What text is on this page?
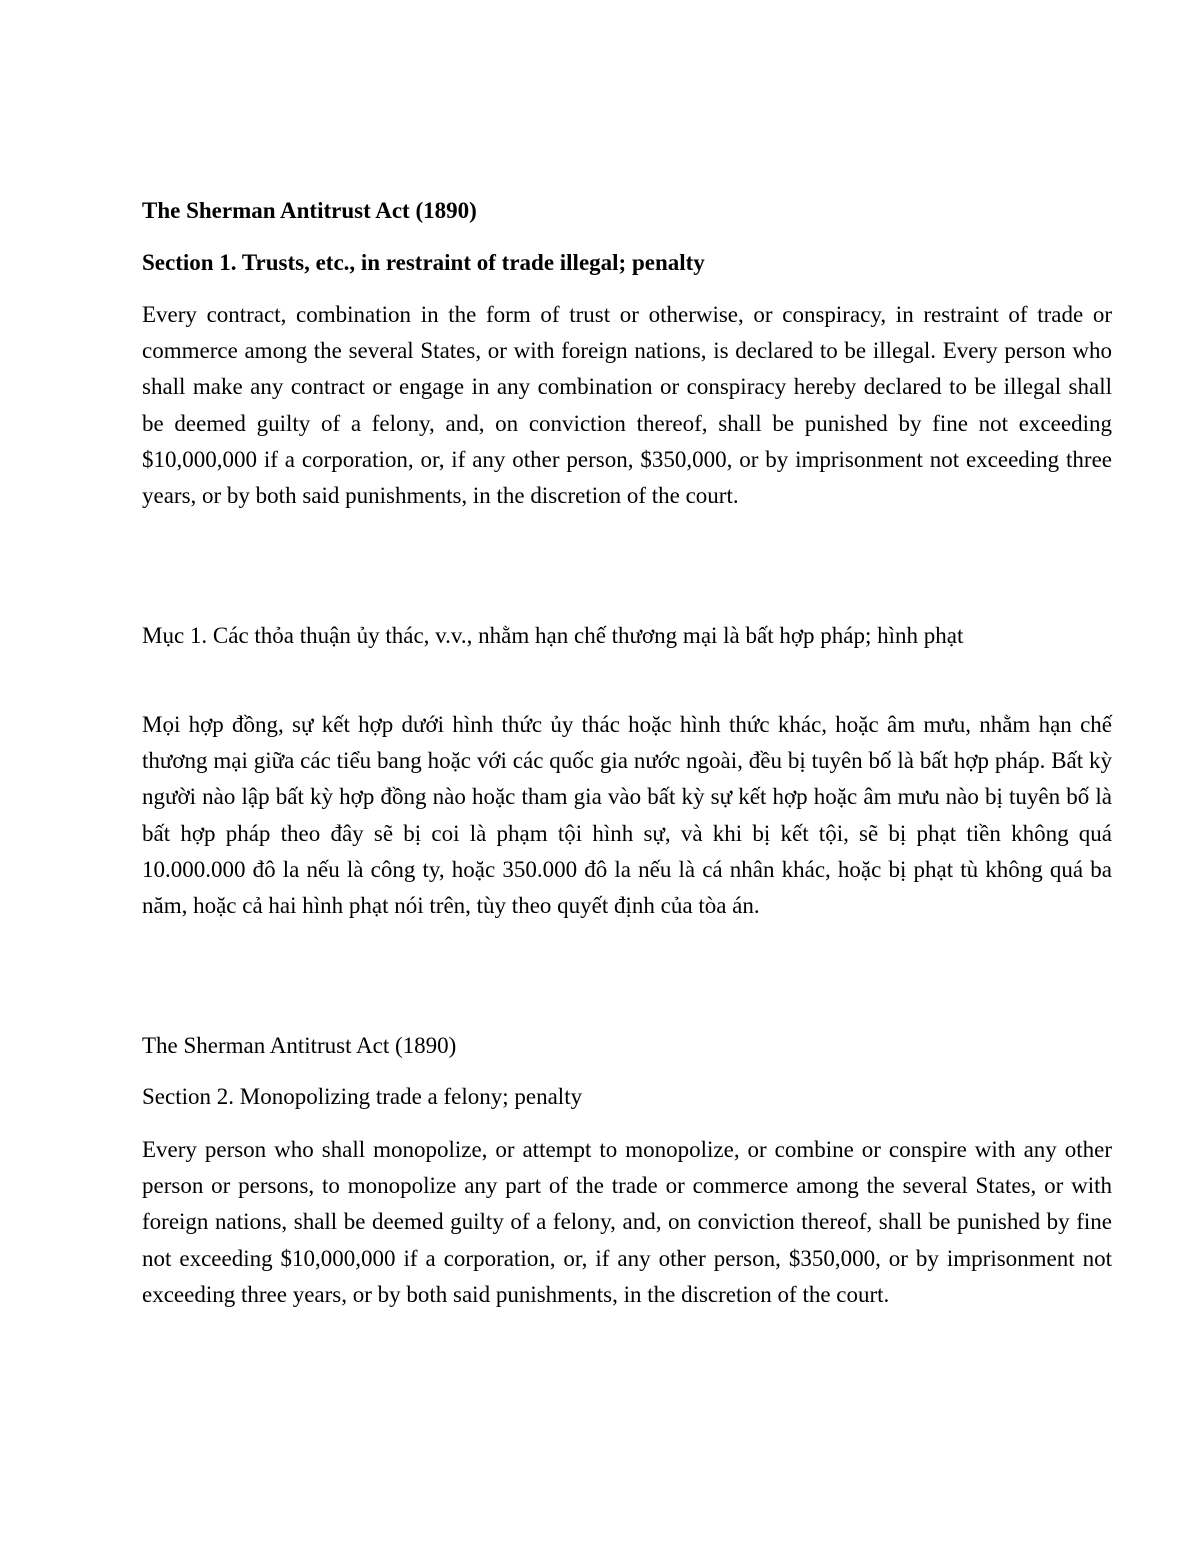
The Sherman Antitrust Act (1890)

Section 1. Trusts, etc., in restraint of trade illegal; penalty

Every contract, combination in the form of trust or otherwise, or conspiracy, in restraint of trade or commerce among the several States, or with foreign nations, is declared to be illegal. Every person who shall make any contract or engage in any combination or conspiracy hereby declared to be illegal shall be deemed guilty of a felony, and, on conviction thereof, shall be punished by fine not exceeding $10,000,000 if a corporation, or, if any other person, $350,000, or by imprisonment not exceeding three years, or by both said punishments, in the discretion of the court.

Mục 1. Các thỏa thuận ủy thác, v.v., nhằm hạn chế thương mại là bất hợp pháp; hình phạt

Mọi hợp đồng, sự kết hợp dưới hình thức ủy thác hoặc hình thức khác, hoặc âm mưu, nhằm hạn chế thương mại giữa các tiểu bang hoặc với các quốc gia nước ngoài, đều bị tuyên bố là bất hợp pháp. Bất kỳ người nào lập bất kỳ hợp đồng nào hoặc tham gia vào bất kỳ sự kết hợp hoặc âm mưu nào bị tuyên bố là bất hợp pháp theo đây sẽ bị coi là phạm tội hình sự, và khi bị kết tội, sẽ bị phạt tiền không quá 10.000.000 đô la nếu là công ty, hoặc 350.000 đô la nếu là cá nhân khác, hoặc bị phạt tù không quá ba năm, hoặc cả hai hình phạt nói trên, tùy theo quyết định của tòa án.

The Sherman Antitrust Act (1890)

Section 2. Monopolizing trade a felony; penalty

Every person who shall monopolize, or attempt to monopolize, or combine or conspire with any other person or persons, to monopolize any part of the trade or commerce among the several States, or with foreign nations, shall be deemed guilty of a felony, and, on conviction thereof, shall be punished by fine not exceeding $10,000,000 if a corporation, or, if any other person, $350,000, or by imprisonment not exceeding three years, or by both said punishments, in the discretion of the court.
